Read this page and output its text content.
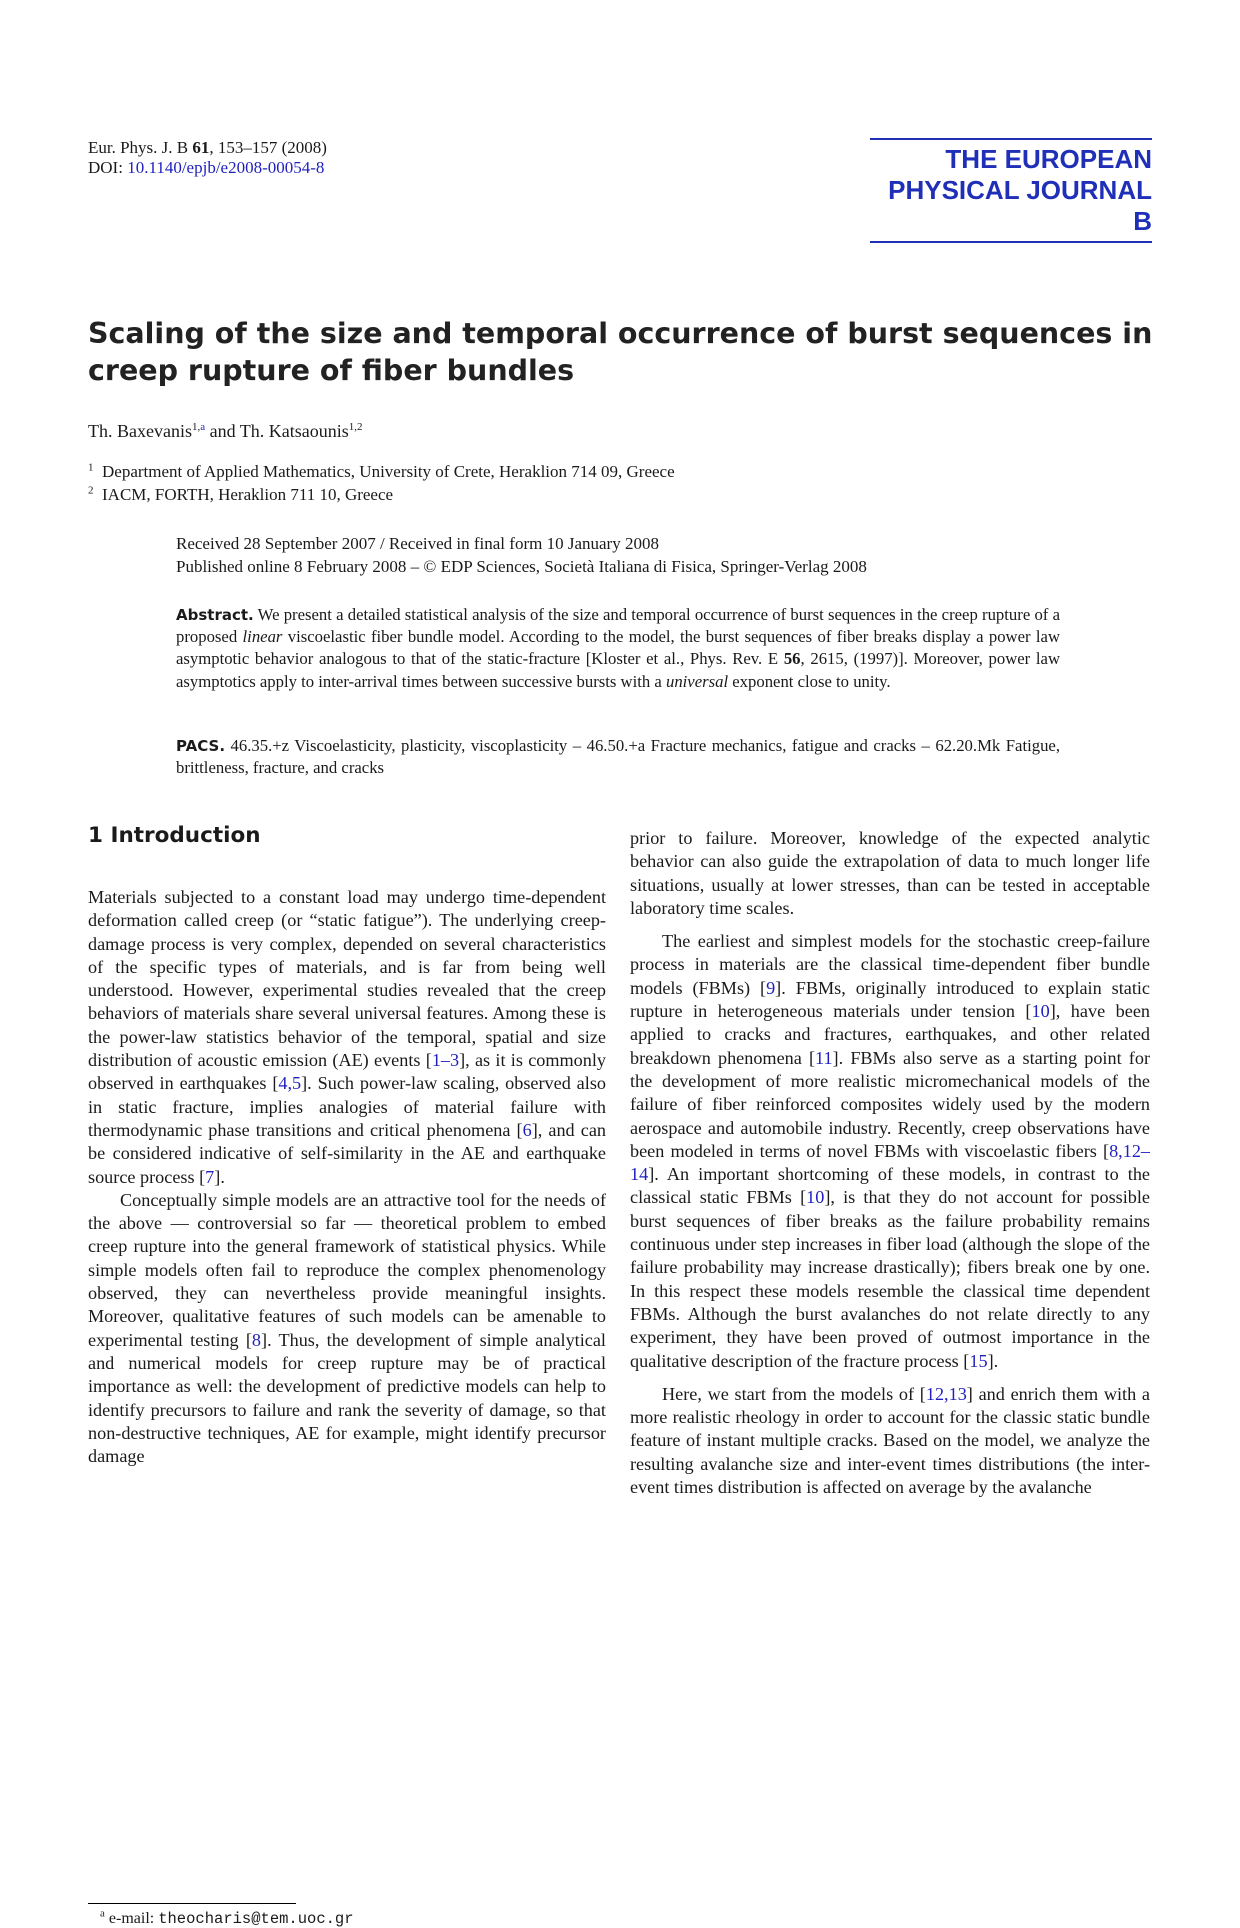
Eur. Phys. J. B 61, 153–157 (2008)
DOI: 10.1140/epjb/e2008-00054-8	THE EUROPEAN
PHYSICAL JOURNAL B
Scaling of the size and temporal occurrence of burst sequences in creep rupture of fiber bundles
Th. Baxevanis$^{1,a}$ and Th. Katsaounis$^{1,2}$
$^1$ Department of Applied Mathematics, University of Crete, Heraklion 714 09, Greece
$^2$ IACM, FORTH, Heraklion 711 10, Greece
Received 28 September 2007 / Received in final form 10 January 2008
Published online 8 February 2008 – © EDP Sciences, Società Italiana di Fisica, Springer-Verlag 2008
Abstract. We present a detailed statistical analysis of the size and temporal occurrence of burst sequences in the creep rupture of a proposed linear viscoelastic fiber bundle model. According to the model, the burst sequences of fiber breaks display a power law asymptotic behavior analogous to that of the static-fracture [Kloster et al., Phys. Rev. E 56, 2615, (1997)]. Moreover, power law asymptotics apply to inter-arrival times between successive bursts with a universal exponent close to unity.
PACS. 46.35.+z Viscoelasticity, plasticity, viscoplasticity – 46.50.+a Fracture mechanics, fatigue and cracks – 62.20.Mk Fatigue, brittleness, fracture, and cracks
1 Introduction

Materials subjected to a constant load may undergo time-dependent deformation called creep (or “static fatigue”). The underlying creep-damage process is very complex, depended on several characteristics of the specific types of materials, and is far from being well understood. However, experimental studies revealed that the creep behaviors of materials share several universal features. Among these is the power-law statistics behavior of the temporal, spatial and size distribution of acoustic emission (AE) events [1–3], as it is commonly observed in earthquakes [4,5]. Such power-law scaling, observed also in static fracture, implies analogies of material failure with thermodynamic phase transitions and critical phenomena [6], and can be considered indicative of self-similarity in the AE and earthquake source process [7].

Conceptually simple models are an attractive tool for the needs of the above — controversial so far — theoretical problem to embed creep rupture into the general framework of statistical physics. While simple models often fail to reproduce the complex phenomenology observed, they can nevertheless provide meaningful insights. Moreover, qualitative features of such models can be amenable to experimental testing [8]. Thus, the development of simple analytical and numerical models for creep rupture may be of practical importance as well: the development of predictive models can help to identify precursors to failure and rank the severity of damage, so that non-destructive techniques, AE for example, might identify precursor damage

prior to failure. Moreover, knowledge of the expected analytic behavior can also guide the extrapolation of data to much longer life situations, usually at lower stresses, than can be tested in acceptable laboratory time scales.

The earliest and simplest models for the stochastic creep-failure process in materials are the classical time-dependent fiber bundle models (FBMs) [9]. FBMs, originally introduced to explain static rupture in heterogeneous materials under tension [10], have been applied to cracks and fractures, earthquakes, and other related breakdown phenomena [11]. FBMs also serve as a starting point for the development of more realistic micromechanical models of the failure of fiber reinforced composites widely used by the modern aerospace and automobile industry. Recently, creep observations have been modeled in terms of novel FBMs with viscoelastic fibers [8,12–14]. An important shortcoming of these models, in contrast to the classical static FBMs [10], is that they do not account for possible burst sequences of fiber breaks as the failure probability remains continuous under step increases in fiber load (although the slope of the failure probability may increase drastically); fibers break one by one. In this respect these models resemble the classical time dependent FBMs. Although the burst avalanches do not relate directly to any experiment, they have been proved of outmost importance in the qualitative description of the fracture process [15].

Here, we start from the models of [12,13] and enrich them with a more realistic rheology in order to account for the classic static bundle feature of instant multiple cracks. Based on the model, we analyze the resulting avalanche size and inter-event times distributions (the inter-event times distribution is affected on average by the avalanche

$^a$ e-mail: theocharis@tem.uoc.gr
